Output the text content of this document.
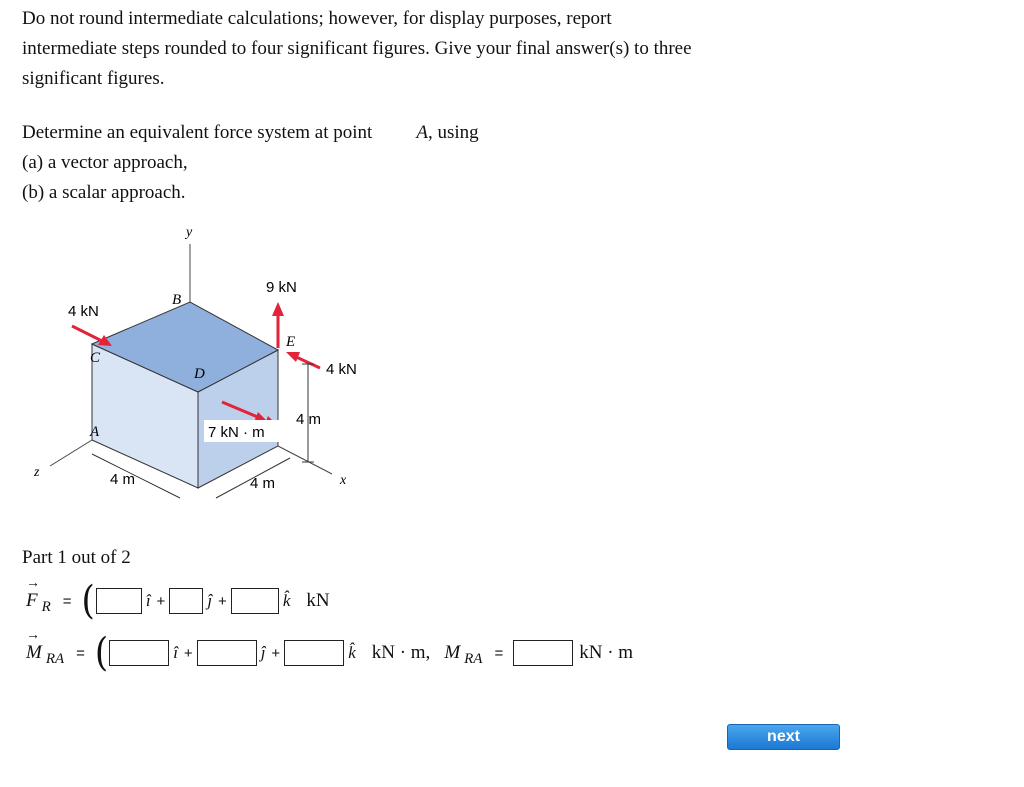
Do not round intermediate calculations; however, for display purposes, report

intermediate steps rounded to four significant figures. Give your final answer(s) to three

significant figures.

Determine an equivalent force system at point A, using
(a) a vector approach,
(b) a scalar approach.
y
z
x
B
C
D
E
A
4 kN
9 kN
4 kN
7 kN · m
4 m
4 m	4 m
Part 1 out of 2
→
F R = (	î + ĵ +	k̂ kN
→
M RA = (	î +	ĵ +	k̂ kN · m, M RA =	kN · m
next
